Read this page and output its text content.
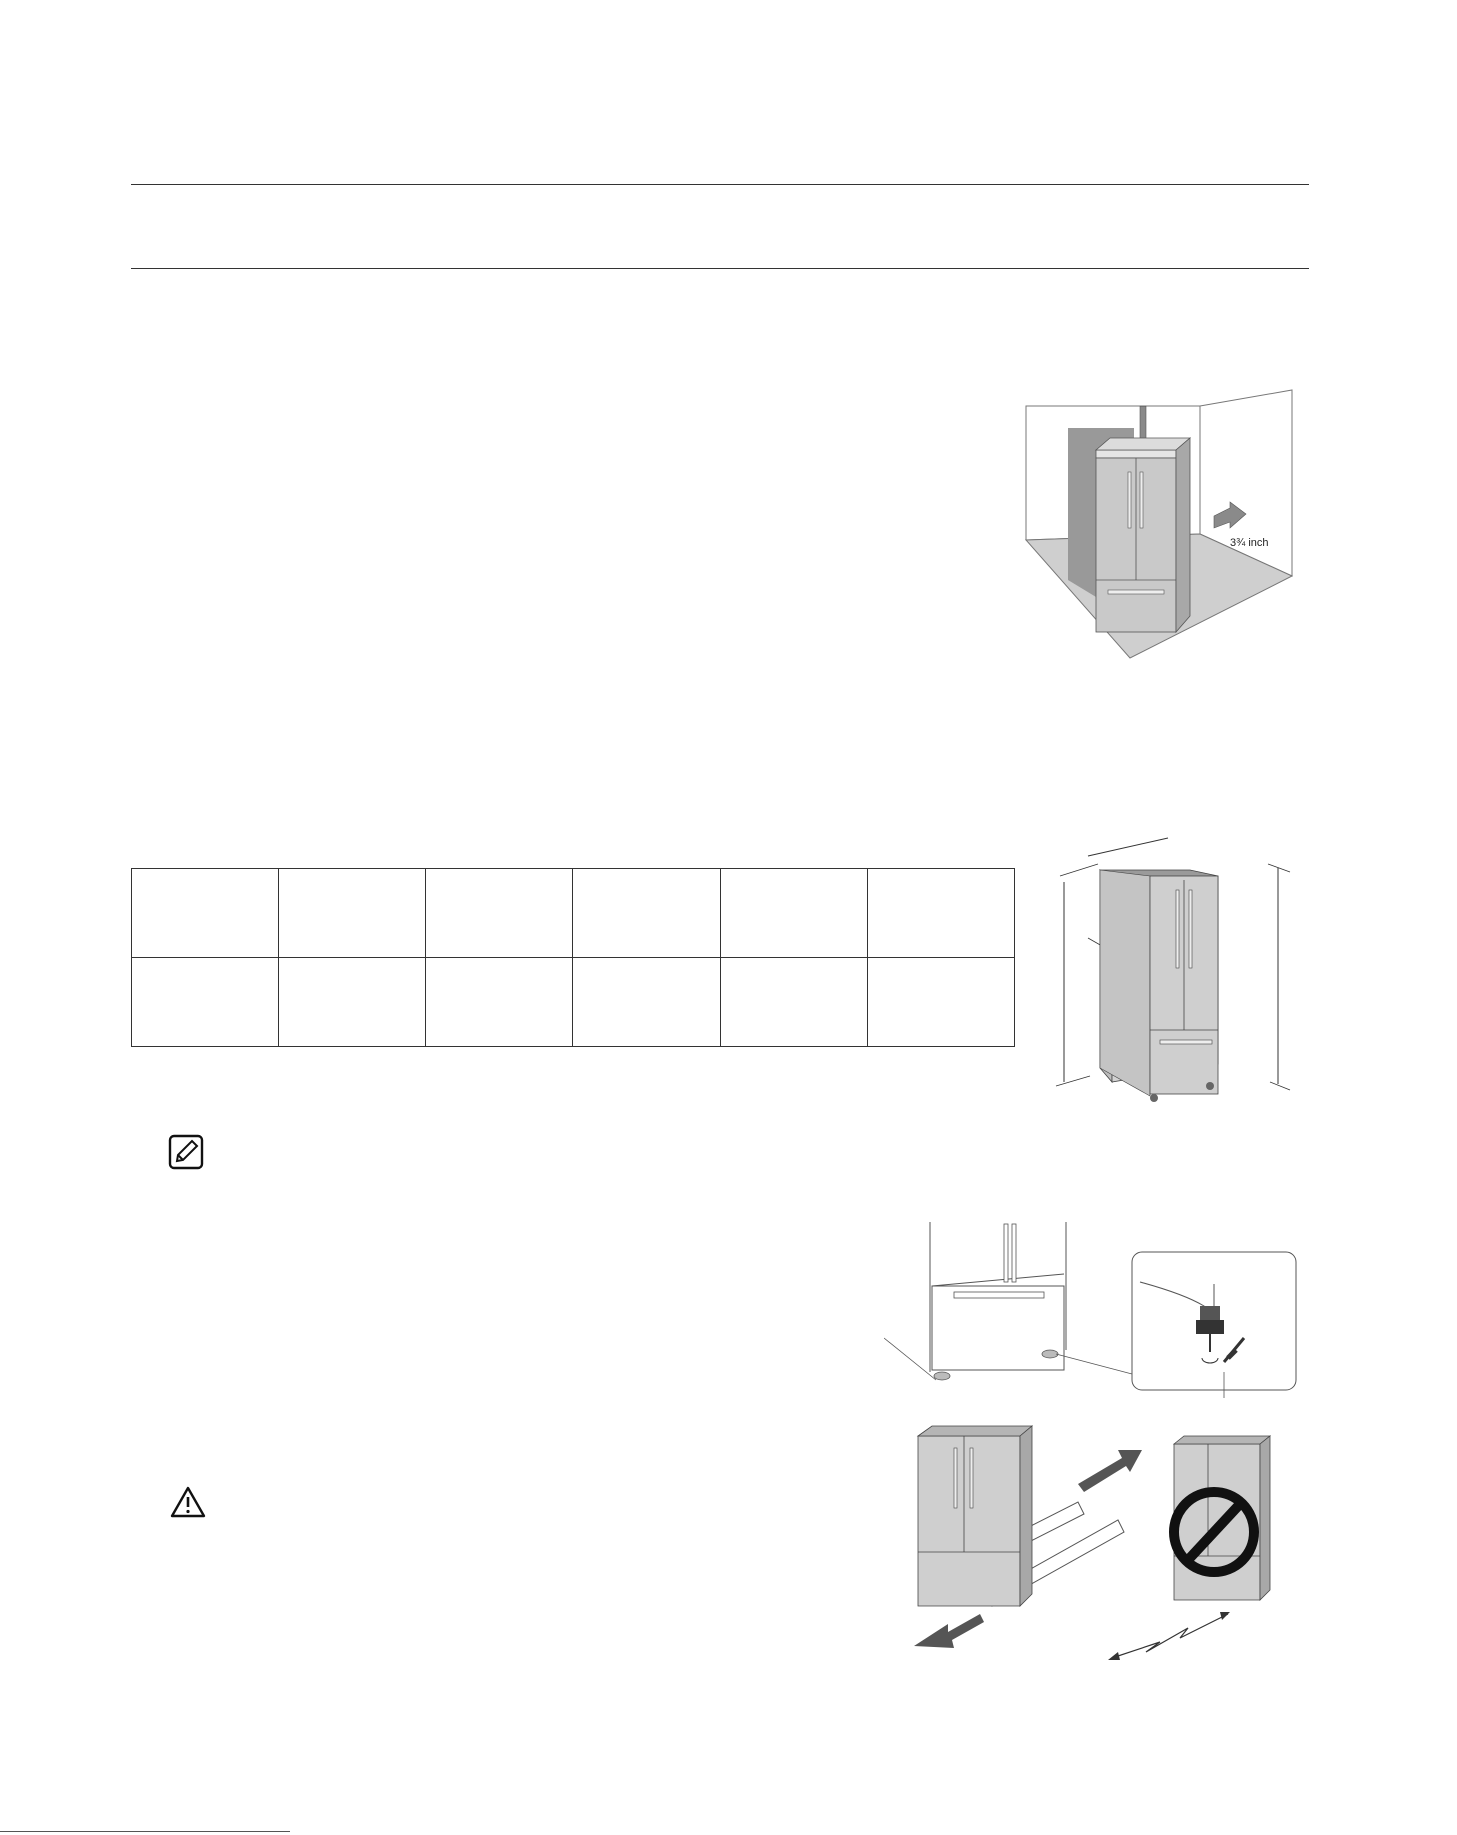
3¾ inch
